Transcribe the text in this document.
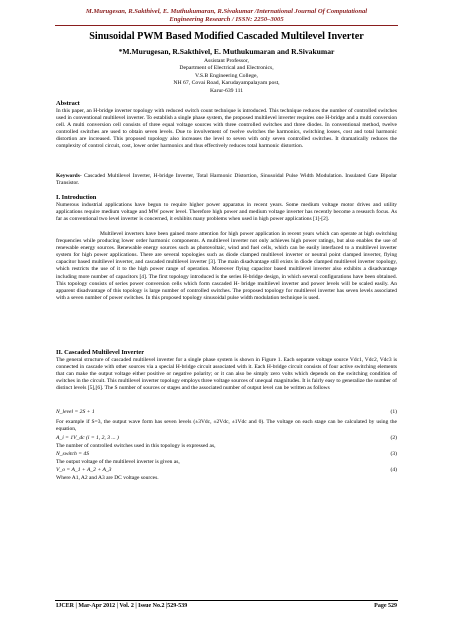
M.Murugesan, R.Sakthivel, E. Muthukumaran, R.Sivakumar /International Journal Of Computational
Engineering Research / ISSN: 2250–3005
Sinusoidal PWM Based Modified Cascaded Multilevel Inverter
*M.Murugesan, R.Sakthivel, E. Muthukumaran and R.Sivakumar
Assistant Professor,
Department of Electrical and Electronics,
V.S.B Engineering College,
NH 67, Covai Road, Karudayampalayam post,
Karur-639 111
Abstract
In this paper, an H-bridge inverter topology with reduced switch count technique is introduced. This technique reduces the number of controlled switches used in conventional multilevel inverter. To establish a single phase system, the proposed multilevel inverter requires one H-bridge and a multi conversion cell. A multi conversion cell consists of three equal voltage sources with three controlled switches and three diodes. In conventional method, twelve controlled switches are used to obtain seven levels. Due to involvement of twelve switches the harmonics, switching losses, cost and total harmonic distortion are increased. This proposed topology also increases the level to seven with only seven controlled switches. It dramatically reduces the complexity of control circuit, cost, lower order harmonics and thus effectively reduces total harmonic distortion.
Keywords- Cascaded Multilevel Inverter, H-bridge Inverter, Total Harmonic Distortion, Sinusoidal Pulse Width Modulation. Insulated Gate Bipolar Transistor.
I. Introduction
Numerous industrial applications have begun to require higher power apparatus in recent years. Some medium voltage motor drives and utility applications require medium voltage and MW power level. Therefore high power and medium voltage inverter has recently become a research focus. As far as conventional two level inverter is concerned, it exhibits many problems when used in high power applications [1]-[2].
Multilevel inverters have been gained more attention for high power application in recent years which can operate at high switching frequencies while producing lower order harmonic components. A multilevel inverter not only achieves high power ratings, but also enables the use of renewable energy sources. Renewable energy sources such as photovoltaic, wind and fuel cells, which can be easily interfaced to a multilevel inverter system for high power applications. There are several topologies such as diode clamped multilevel inverter or neutral point clamped inverter, flying capacitor based multilevel inverter, and cascaded multilevel inverter [3]. The main disadvantage still exists in diode clamped multilevel inverter topology, which restricts the use of it to the high power range of operation. Moreover flying capacitor based multilevel inverter also exhibits a disadvantage including more number of capacitors [4]. The first topology introduced is the series H-bridge design, in which several configurations have been obtained. This topology consists of series power conversion cells which form cascaded H- bridge multilevel inverter and power levels will be scaled easily. An apparent disadvantage of this topology is large number of controlled switches. The proposed topology for multilevel inverter has seven levels associated with a seven number of power switches. In this proposed topology sinusoidal pulse width modulation technique is used.
II. Cascaded Multilevel Inverter
The general structure of cascaded multilevel inverter for a single phase system is shown in Figure 1. Each separate voltage source Vdc1, Vdc2, Vdc3 is connected in cascade with other sources via a special H-bridge circuit associated with it. Each H-bridge circuit consists of four active switching elements that can make the output voltage either positive or negative polarity; or it can also be simply zero volts which depends on the switching condition of switches in the circuit. This multilevel inverter topology employs three voltage sources of unequal magnitudes. It is fairly easy to generalize the number of distinct levels [5],[6]. The S number of sources or stages and the associated number of output level can be written as follows
N_level = 2S + 1	(1)
For example if S=3, the output wave form has seven levels (±3Vdc, ±2Vdc, ±1Vdc and 0). The voltage on each stage can be calculated by using the equation,
A_i = 1V_dc (i = 1, 2, 3 ... )	(2)
The number of controlled switches used in this topology is expressed as,
N_switch = 4S	(3)
The output voltage of the multilevel inverter is given as,
V_o = A_1 + A_2 + A_3	(4)
Where A1, A2 and A3 are DC voltage sources.
IJCER | Mar-Apr 2012 | Vol. 2 | Issue No.2 |529-539	Page 529
